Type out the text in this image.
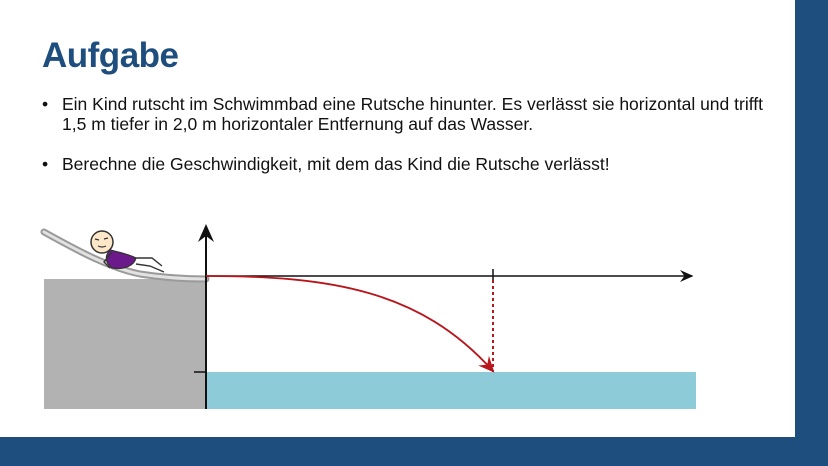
Aufgabe
• Ein Kind rutscht im Schwimmbad eine Rutsche hinunter. Es verlässt sie horizontal und trifft 1,5 m tiefer in 2,0 m horizontaler Entfernung auf das Wasser.
• Berechne die Geschwindigkeit, mit dem das Kind die Rutsche verlässt!
